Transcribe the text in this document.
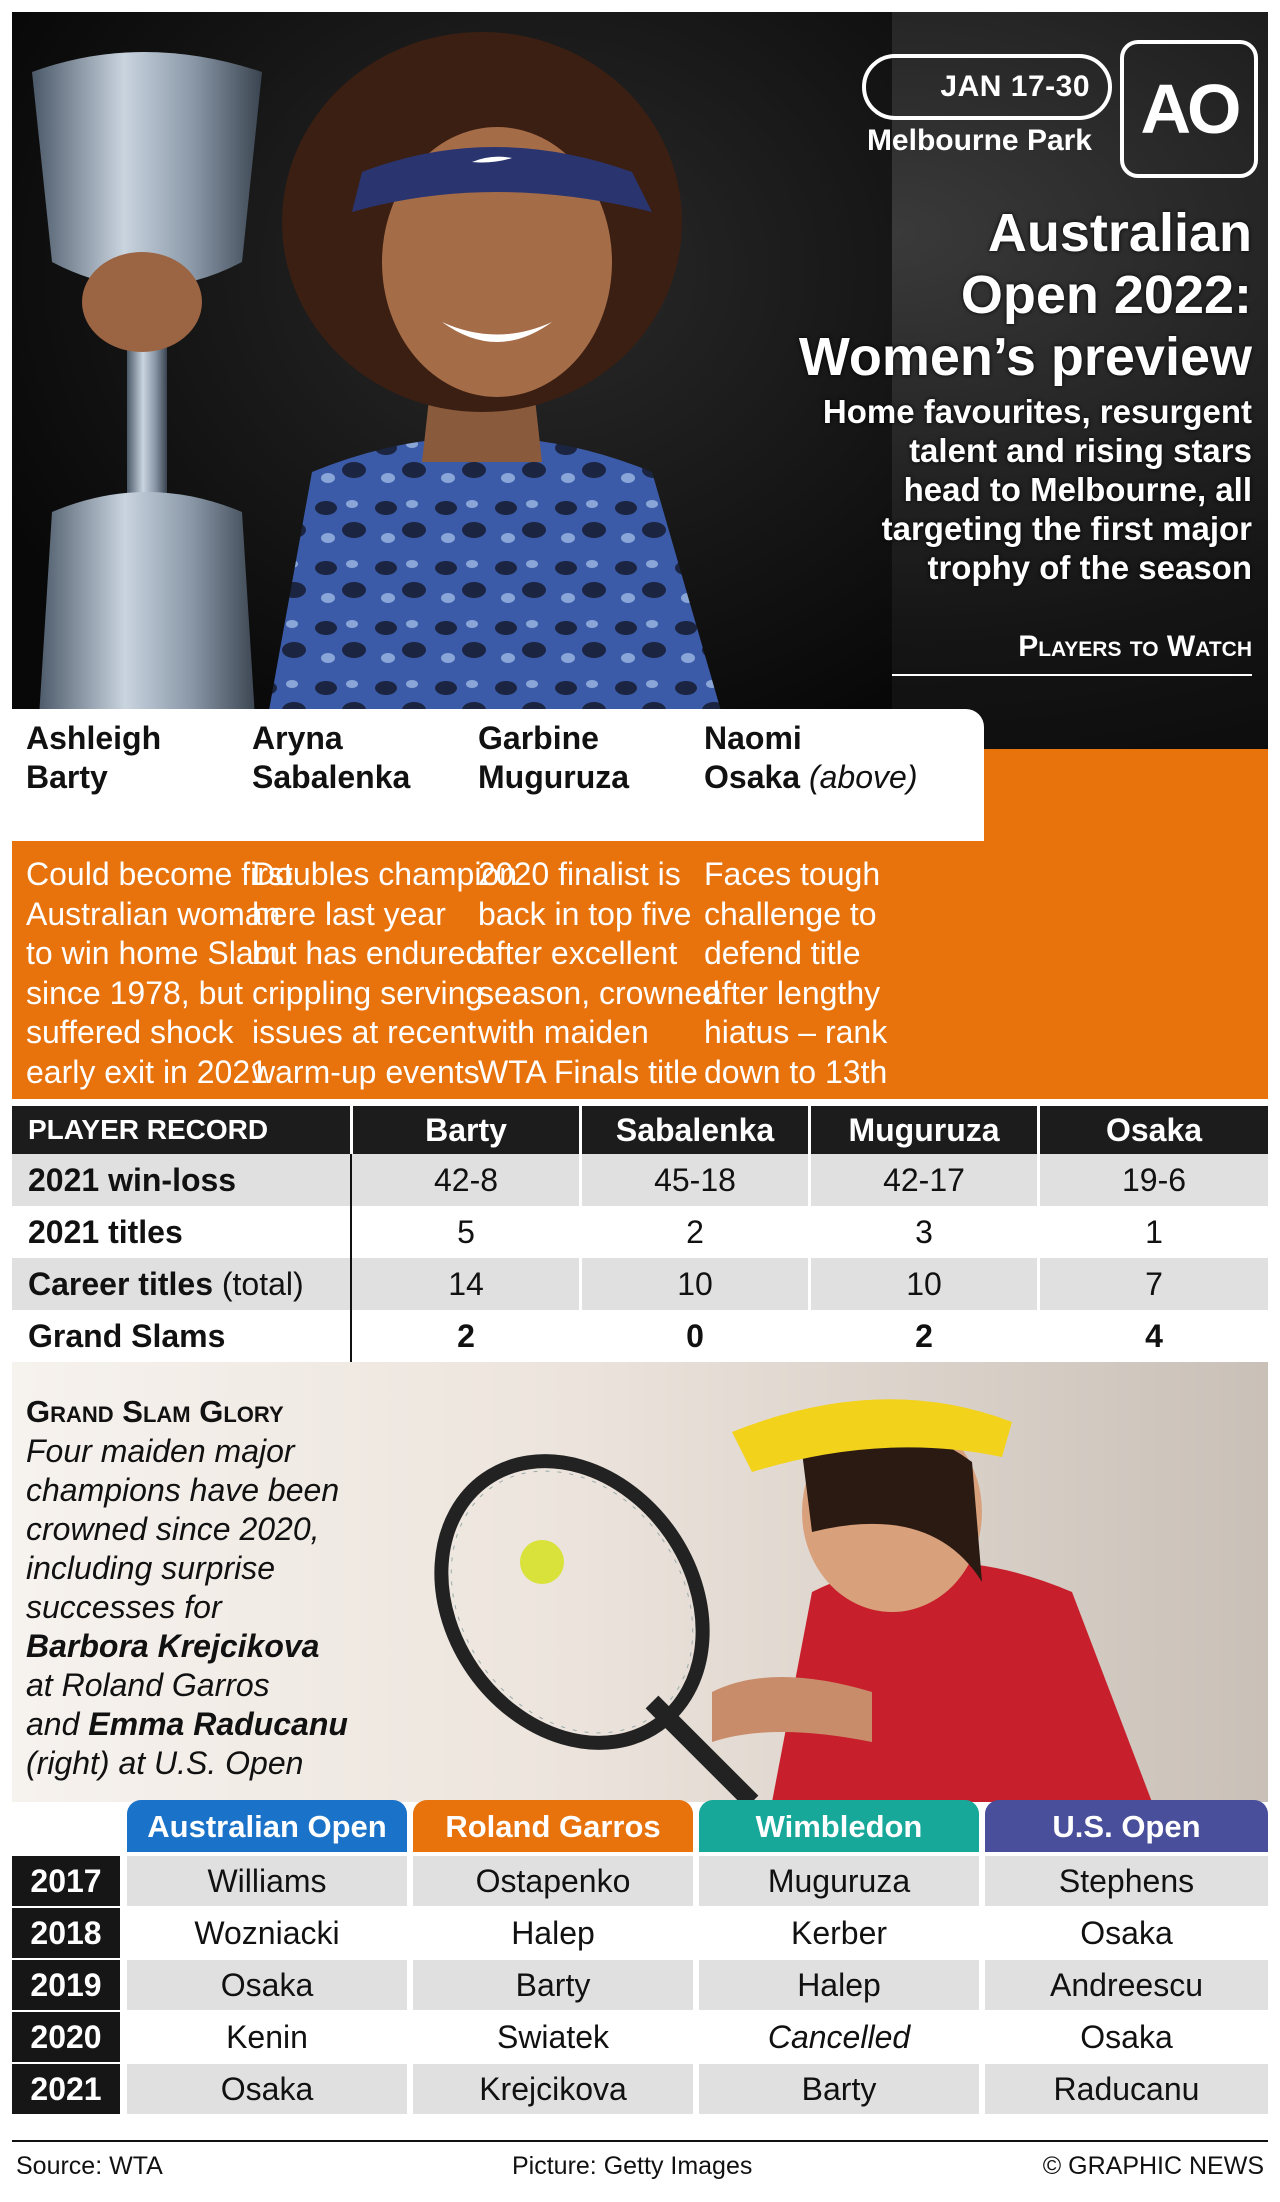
JAN 17-30
Melbourne Park AO
Australian
Open 2022:
Women’s preview
Home favourites, resurgent
talent and rising stars
head to Melbourne, all
targeting the first major
trophy of the season
Players to Watch
Ashleigh
Barty
Could become first
Australian woman
to win home Slam
since 1978, but
suffered shock
early exit in 2021
Aryna
Sabalenka
Doubles champion
here last year
but has endured
crippling serving
issues at recent
warm-up events
Garbine
Muguruza
2020 finalist is
back in top five
after excellent
season, crowned
with maiden
WTA Finals title
Naomi
Osaka (above)
Faces tough
challenge to
defend title
after lengthy
hiatus – rank
down to 13th
PLAYER RECORD	Barty	Sabalenka	Muguruza	Osaka
2021 win-loss	42-8	45-18	42-17	19-6
2021 titles	5	2	3	1
Career titles (total)	14	10	10	7
Grand Slams	2	0	2	4
Grand Slam Glory
Four maiden major
champions have been
crowned since 2020,
including surprise
successes for
Barbora Krejcikova
at Roland Garros
and Emma Raducanu
(right) at U.S. Open
Australian Open	Roland Garros	Wimbledon	U.S. Open
2017	Williams	Ostapenko	Muguruza	Stephens
2018	Wozniacki	Halep	Kerber	Osaka
2019	Osaka	Barty	Halep	Andreescu
2020	Kenin	Swiatek	Cancelled	Osaka
2021	Osaka	Krejcikova	Barty	Raducanu
Source: WTA	Picture: Getty Images	© GRAPHIC NEWS
